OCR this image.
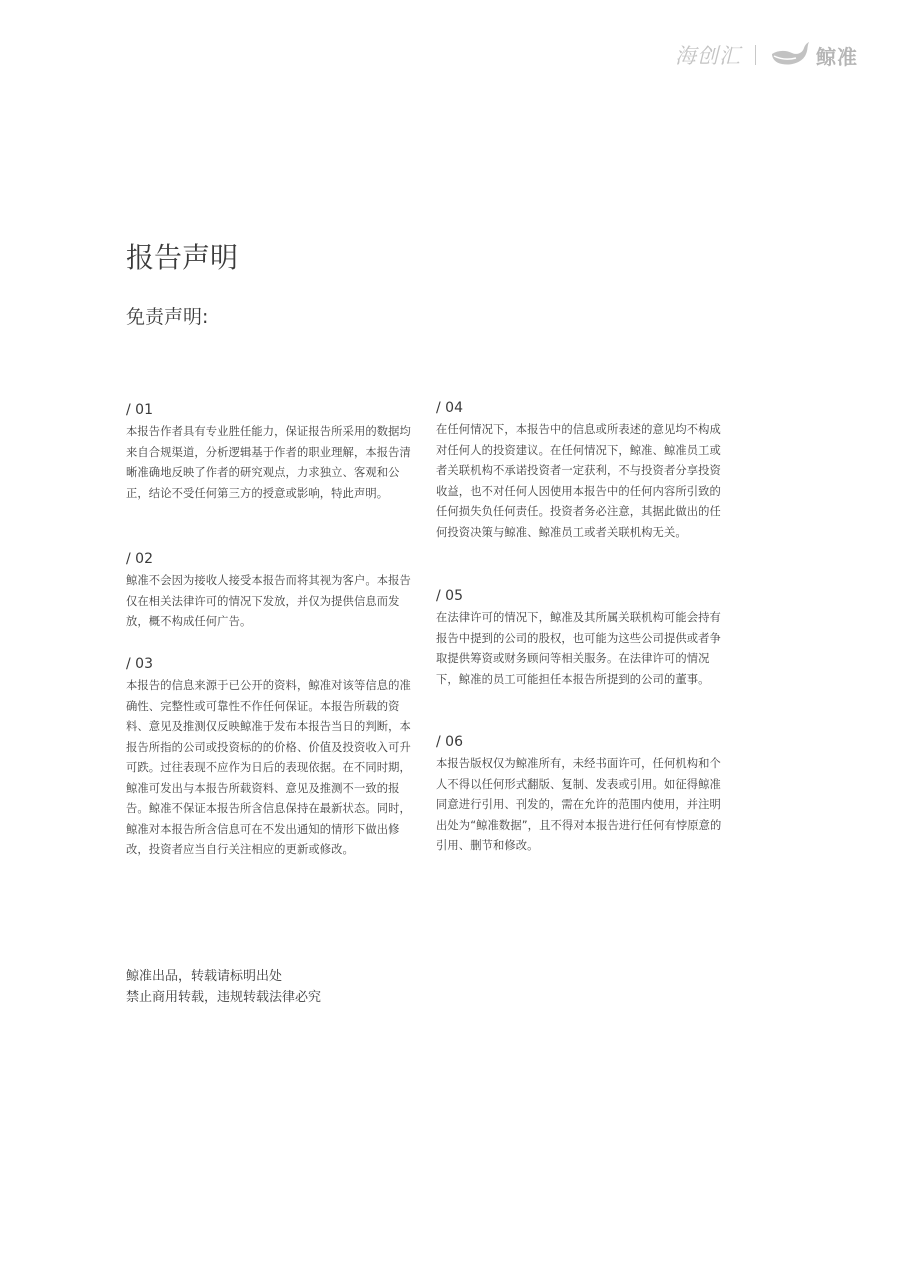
海创汇	鲸准
报告声明
免责声明:

/ 01

本报告作者具有专业胜任能力，保证报告所采用的数据均来自合规渠道，分析逻辑基于作者的职业理解，本报告清晰准确地反映了作者的研究观点，力求独立、客观和公正，结论不受任何第三方的授意或影响，特此声明。

/ 02

鲸准不会因为接收人接受本报告而将其视为客户。本报告仅在相关法律许可的情况下发放，并仅为提供信息而发放，概不构成任何广告。

/ 03

本报告的信息来源于已公开的资料，鲸准对该等信息的准确性、完整性或可靠性不作任何保证。本报告所载的资料、意见及推测仅反映鲸准于发布本报告当日的判断，本报告所指的公司或投资标的的价格、价值及投资收入可升可跌。过往表现不应作为日后的表现依据。在不同时期，鲸准可发出与本报告所载资料、意见及推测不一致的报告。鲸准不保证本报告所含信息保持在最新状态。同时，鲸准对本报告所含信息可在不发出通知的情形下做出修改，投资者应当自行关注相应的更新或修改。

/ 04

在任何情况下，本报告中的信息或所表述的意见均不构成对任何人的投资建议。在任何情况下，鲸准、鲸准员工或者关联机构不承诺投资者一定获利，不与投资者分享投资收益，也不对任何人因使用本报告中的任何内容所引致的任何损失负任何责任。投资者务必注意，其据此做出的任何投资决策与鲸准、鲸准员工或者关联机构无关。

/ 05

在法律许可的情况下，鲸准及其所属关联机构可能会持有报告中提到的公司的股权，也可能为这些公司提供或者争取提供筹资或财务顾问等相关服务。在法律许可的情况下，鲸准的员工可能担任本报告所提到的公司的董事。

/ 06

本报告版权仅为鲸准所有，未经书面许可，任何机构和个人不得以任何形式翻版、复制、发表或引用。如征得鲸准同意进行引用、刊发的，需在允许的范围内使用，并注明出处为“鲸准数据”，且不得对本报告进行任何有悖原意的引用、删节和修改。

鲸准出品，转载请标明出处
禁止商用转载，违规转载法律必究
